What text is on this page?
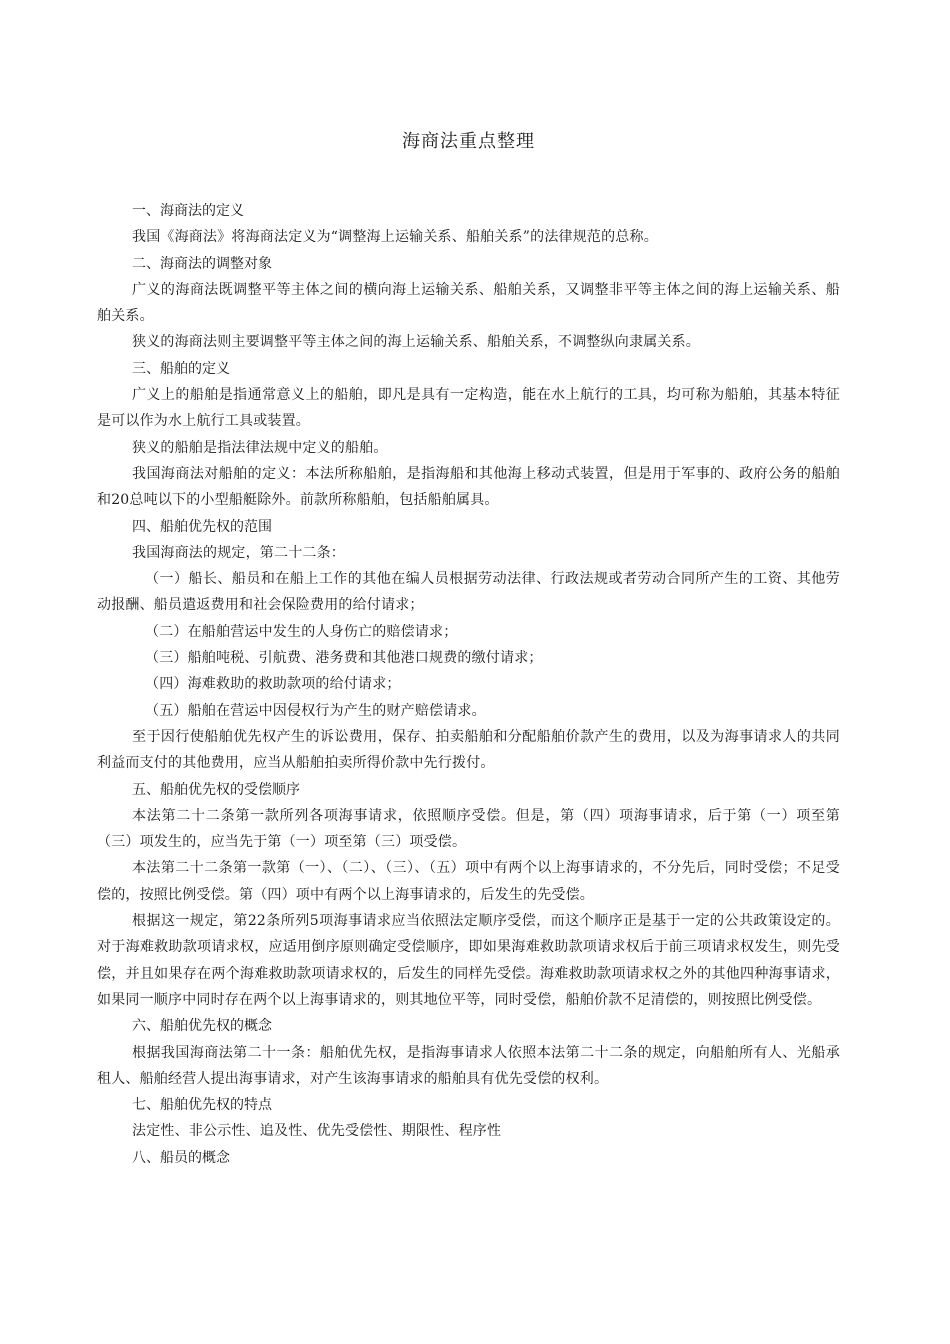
海商法重点整理

一、海商法的定义

我国《海商法》将海商法定义为“调整海上运输关系、船舶关系”的法律规范的总称。

二、海商法的调整对象

广义的海商法既调整平等主体之间的横向海上运输关系、船舶关系，又调整非平等主体之间的海上运输关系、船舶关系。

狭义的海商法则主要调整平等主体之间的海上运输关系、船舶关系，不调整纵向隶属关系。

三、船舶的定义

广义上的船舶是指通常意义上的船舶，即凡是具有一定构造，能在水上航行的工具，均可称为船舶，其基本特征是可以作为水上航行工具或装置。

狭义的船舶是指法律法规中定义的船舶。

我国海商法对船舶的定义：本法所称船舶，是指海船和其他海上移动式装置，但是用于军事的、政府公务的船舶和20总吨以下的小型船艇除外。前款所称船舶，包括船舶属具。

四、船舶优先权的范围

我国海商法的规定，第二十二条：

（一）船长、船员和在船上工作的其他在编人员根据劳动法律、行政法规或者劳动合同所产生的工资、其他劳动报酬、船员遣返费用和社会保险费用的给付请求；

（二）在船舶营运中发生的人身伤亡的赔偿请求；

（三）船舶吨税、引航费、港务费和其他港口规费的缴付请求；

（四）海难救助的救助款项的给付请求；

（五）船舶在营运中因侵权行为产生的财产赔偿请求。

至于因行使船舶优先权产生的诉讼费用，保存、拍卖船舶和分配船舶价款产生的费用，以及为海事请求人的共同利益而支付的其他费用，应当从船舶拍卖所得价款中先行拨付。

五、船舶优先权的受偿顺序

本法第二十二条第一款所列各项海事请求，依照顺序受偿。但是，第（四）项海事请求，后于第（一）项至第（三）项发生的，应当先于第（一）项至第（三）项受偿。

本法第二十二条第一款第（一）、（二）、（三）、（五）项中有两个以上海事请求的，不分先后，同时受偿；不足受偿的，按照比例受偿。第（四）项中有两个以上海事请求的，后发生的先受偿。

根据这一规定，第22条所列5项海事请求应当依照法定顺序受偿，而这个顺序正是基于一定的公共政策设定的。对于海难救助款项请求权，应适用倒序原则确定受偿顺序，即如果海难救助款项请求权后于前三项请求权发生，则先受偿，并且如果存在两个海难救助款项请求权的，后发生的同样先受偿。海难救助款项请求权之外的其他四种海事请求，如果同一顺序中同时存在两个以上海事请求的，则其地位平等，同时受偿，船舶价款不足清偿的，则按照比例受偿。

六、船舶优先权的概念

根据我国海商法第二十一条：船舶优先权，是指海事请求人依照本法第二十二条的规定，向船舶所有人、光船承租人、船舶经营人提出海事请求，对产生该海事请求的船舶具有优先受偿的权利。

七、船舶优先权的特点

法定性、非公示性、追及性、优先受偿性、期限性、程序性

八、船员的概念
